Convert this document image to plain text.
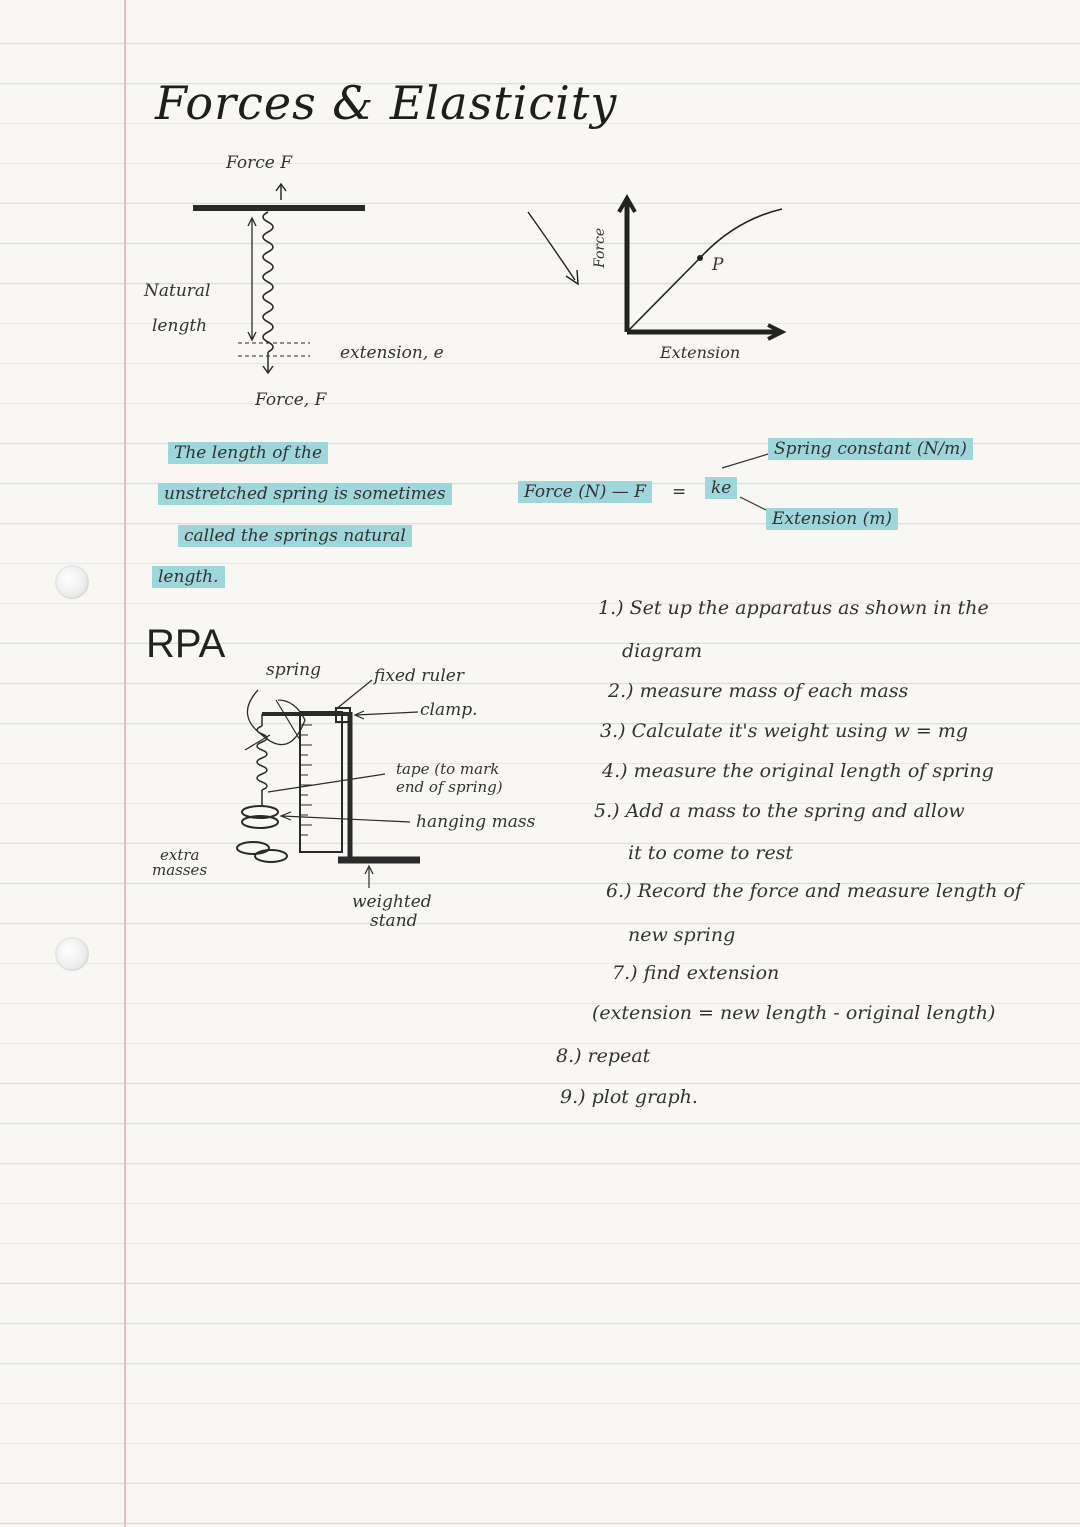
Forces & Elasticity
Force F
Natural
length
extension, e
Force, F
Force
Extension
P
The length of the
unstretched spring is sometimes
called the springs natural
length.
Force (N) — F	=	ke
Spring constant (N/m)
Extension (m)
RPA
spring	fixed ruler
clamp.
tape (to mark
end of spring)
hanging mass
extra
masses
weighted
stand
1.) Set up the apparatus as shown in the
diagram
2.) measure mass of each mass
3.) Calculate it's weight using w = mg
4.) measure the original length of spring
5.) Add a mass to the spring and allow
it to come to rest
6.) Record the force and measure length of
new spring
7.) find extension
(extension = new length - original length)
8.) repeat
9.) plot graph.
